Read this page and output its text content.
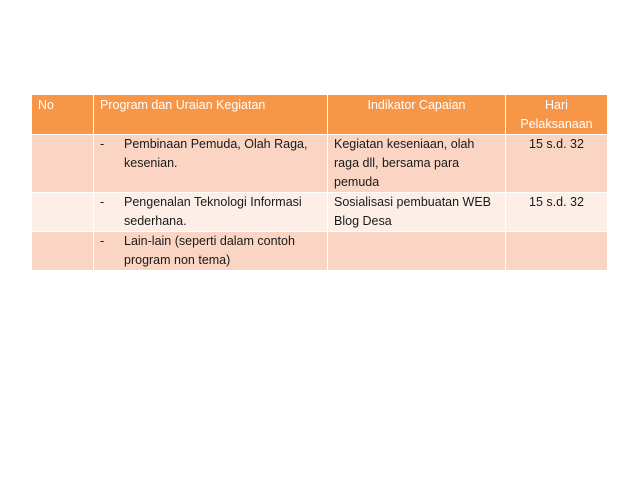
No	Program dan Uraian Kegiatan	Indikator Capaian	Hari
Pelaksanaan

	- Pembinaan Pemuda, Olah Raga, kesenian.	Kegiatan keseniaan, olah raga dll, bersama para pemuda	15 s.d. 32

	- Pengenalan Teknologi Informasi sederhana.	Sosialisasi pembuatan WEB Blog Desa	15 s.d. 32

	- Lain-lain (seperti dalam contoh program non tema)		
